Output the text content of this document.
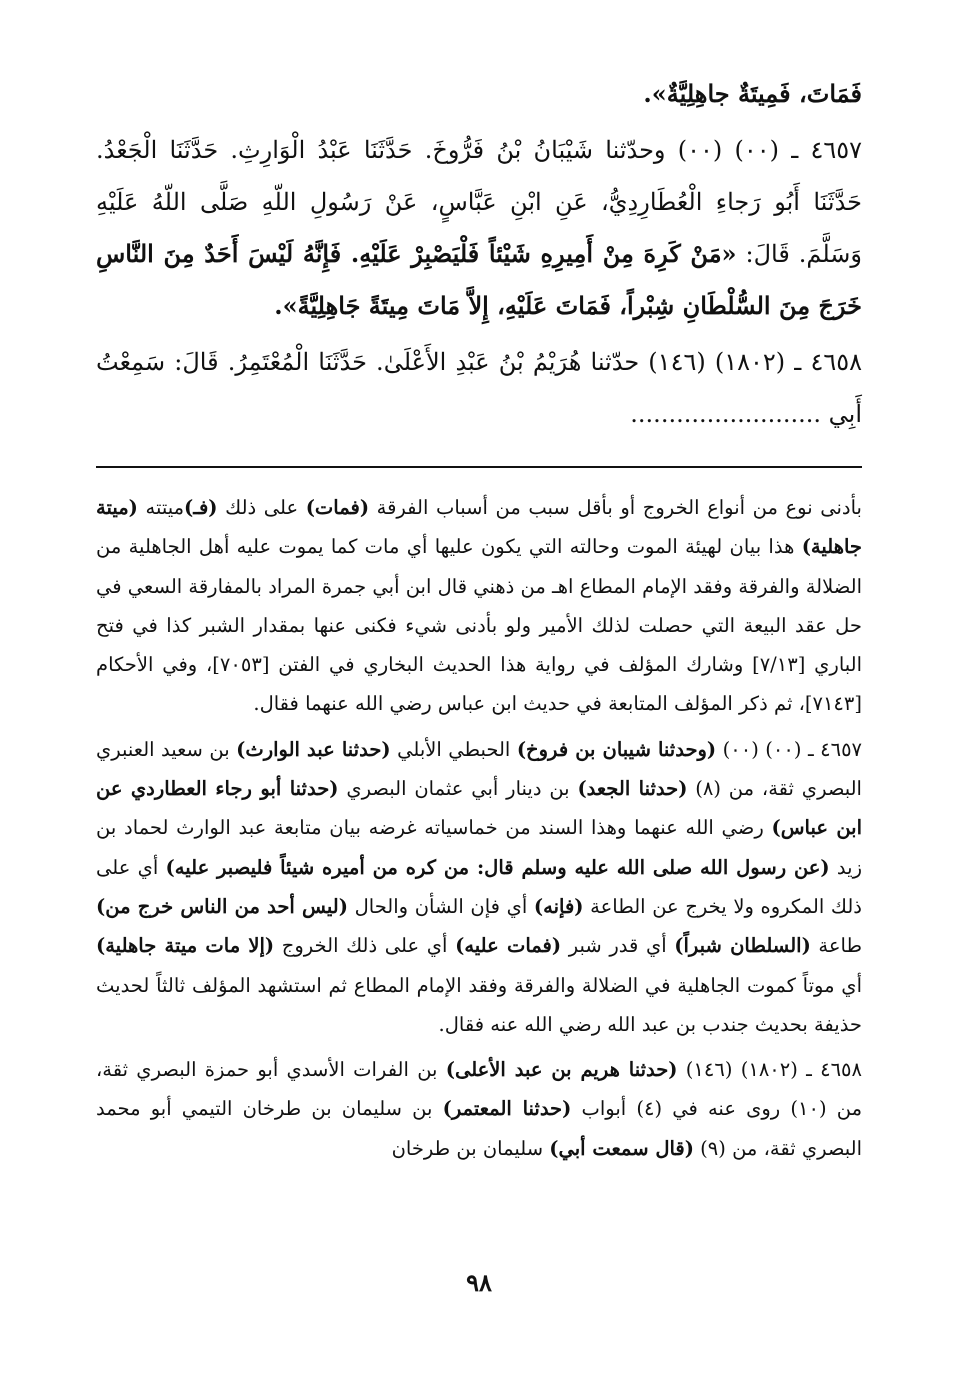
فَمَاتَ، فَمِيتَةٌ جاهِلِيَّةٌ».

٤٦٥٧ ـ (٠٠) (٠٠) وحدّثنا شَيْبَانُ بْنُ فَرُّوخَ. حَدَّثَنَا عَبْدُ الْوَارِثِ. حَدَّثَنَا الْجَعْدُ. حَدَّثَنَا أَبُو رَجاءِ الْعُطَارِدِيُّ، عَنِ ابْنِ عَبَّاسٍ، عَنْ رَسُولِ اللّهِ صَلَّى اللّهُ عَلَيْهِ وَسَلَّمَ. قَالَ: «مَنْ كَرِهَ مِنْ أَمِيرِهِ شَيْئاً فَلْيَصْبِرْ عَلَيْهِ. فَإِنَّهُ لَيْسَ أَحَدٌ مِنَ النَّاسِ خَرَجَ مِنَ السُّلْطَانِ شِبْراً، فَمَاتَ عَلَيْهِ، إِلاَّ مَاتَ مِيتَةً جَاهِلِيَّةً».

٤٦٥٨ ـ (١٨٠٢) (١٤٦) حدّثنا هُرَيْمُ بْنُ عَبْدِ الأَعْلَىٰ. حَدَّثَنَا الْمُعْتَمِرُ. قَالَ: سَمِعْتُ أَبِي .........................

بأدنى نوع من أنواع الخروج أو بأقل سبب من أسباب الفرقة (فمات) على ذلك (فـ)ميتته (ميتة جاهلية) هذا بيان لهيئة الموت وحالته التي يكون عليها أي مات كما يموت عليه أهل الجاهلية من الضلالة والفرقة وفقد الإمام المطاع اهـ من ذهني قال ابن أبي جمرة المراد بالمفارقة السعي في حل عقد البيعة التي حصلت لذلك الأمير ولو بأدنى شيء فكنى عنها بمقدار الشبر كذا في فتح الباري [٧/١٣] وشارك المؤلف في رواية هذا الحديث البخاري في الفتن [٧٠٥٣]، وفي الأحكام [٧١٤٣]، ثم ذكر المؤلف المتابعة في حديث ابن عباس رضي الله عنهما فقال.

٤٦٥٧ ـ (٠٠) (٠٠) (وحدثنا شيبان بن فروخ) الحبطي الأبلي (حدثنا عبد الوارث) بن سعيد العنبري البصري ثقة، من (٨) (حدثنا الجعد) بن دينار أبي عثمان البصري (حدثنا أبو رجاء العطاردي عن ابن عباس) رضي الله عنهما وهذا السند من خماسياته غرضه بيان متابعة عبد الوارث لحماد بن زيد (عن رسول الله صلى الله عليه وسلم قال: من كره من أميره شيئاً فليصبر عليه) أي على ذلك المكروه ولا يخرج عن الطاعة (فإنه) أي فإن الشأن والحال (ليس أحد من الناس خرج من) طاعة (السلطان شبراً) أي قدر شبر (فمات عليه) أي على ذلك الخروج (إلا مات ميتة جاهلية) أي موتاً كموت الجاهلية في الضلالة والفرقة وفقد الإمام المطاع ثم استشهد المؤلف ثالثاً لحديث حذيفة بحديث جندب بن عبد الله رضي الله عنه فقال.

٤٦٥٨ ـ (١٨٠٢) (١٤٦) (حدثنا هريم بن عبد الأعلى) بن الفرات الأسدي أبو حمزة البصري ثقة، من (١٠) روى عنه في (٤) أبواب (حدثنا المعتمر) بن سليمان بن طرخان التيمي أبو محمد البصري ثقة، من (٩) (قال سمعت أبي) سليمان بن طرخان

٩٨
